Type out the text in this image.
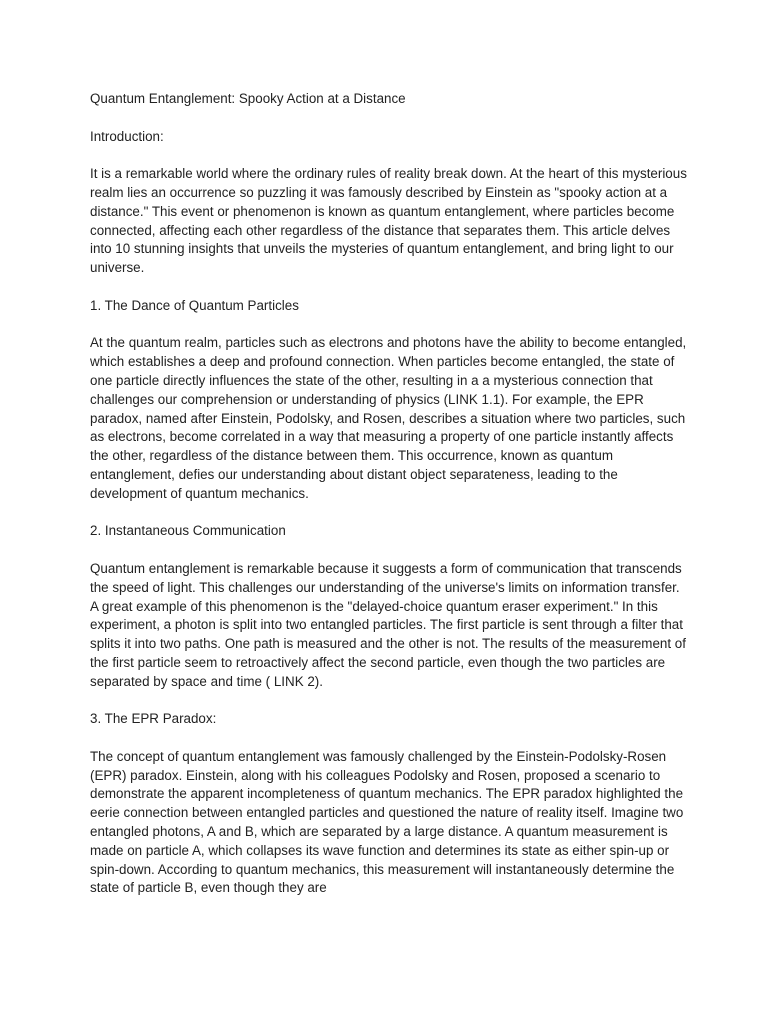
Quantum Entanglement: Spooky Action at a Distance

Introduction:

It is a remarkable world where the ordinary rules of reality break down. At the heart of this mysterious realm lies an occurrence so puzzling it was famously described by Einstein as "spooky action at a distance." This event or phenomenon is known as quantum entanglement, where particles become connected, affecting each other regardless of the distance that separates them. This article delves into 10 stunning insights that unveils the mysteries of quantum entanglement, and bring light to our universe.

1. The Dance of Quantum Particles

At the quantum realm, particles such as electrons and photons have the ability to become entangled, which establishes a deep and profound connection. When particles become entangled, the state of one particle directly influences the state of the other, resulting in a a mysterious connection that challenges our comprehension or understanding of physics (LINK 1.1). For example, the EPR paradox, named after Einstein, Podolsky, and Rosen, describes a situation where two particles, such as electrons, become correlated in a way that measuring a property of one particle instantly affects the other, regardless of the distance between them. This occurrence, known as quantum entanglement, defies our understanding about distant object separateness, leading to the development of quantum mechanics.

2. Instantaneous Communication

Quantum entanglement is remarkable because it suggests a form of communication that transcends the speed of light. This challenges our understanding of the universe's limits on information transfer.

A great example of this phenomenon is the "delayed-choice quantum eraser experiment." In this experiment, a photon is split into two entangled particles. The first particle is sent through a filter that splits it into two paths. One path is measured and the other is not. The results of the measurement of the first particle seem to retroactively affect the second particle, even though the two particles are separated by space and time ( LINK 2).

3. The EPR Paradox:

The concept of quantum entanglement was famously challenged by the Einstein-Podolsky-Rosen (EPR) paradox. Einstein, along with his colleagues Podolsky and Rosen, proposed a scenario to demonstrate the apparent incompleteness of quantum mechanics. The EPR paradox highlighted the eerie connection between entangled particles and questioned the nature of reality itself. Imagine two entangled photons, A and B, which are separated by a large distance. A quantum measurement is made on particle A, which collapses its wave function and determines its state as either spin-up or spin-down. According to quantum mechanics, this measurement will instantaneously determine the state of particle B, even though they are
